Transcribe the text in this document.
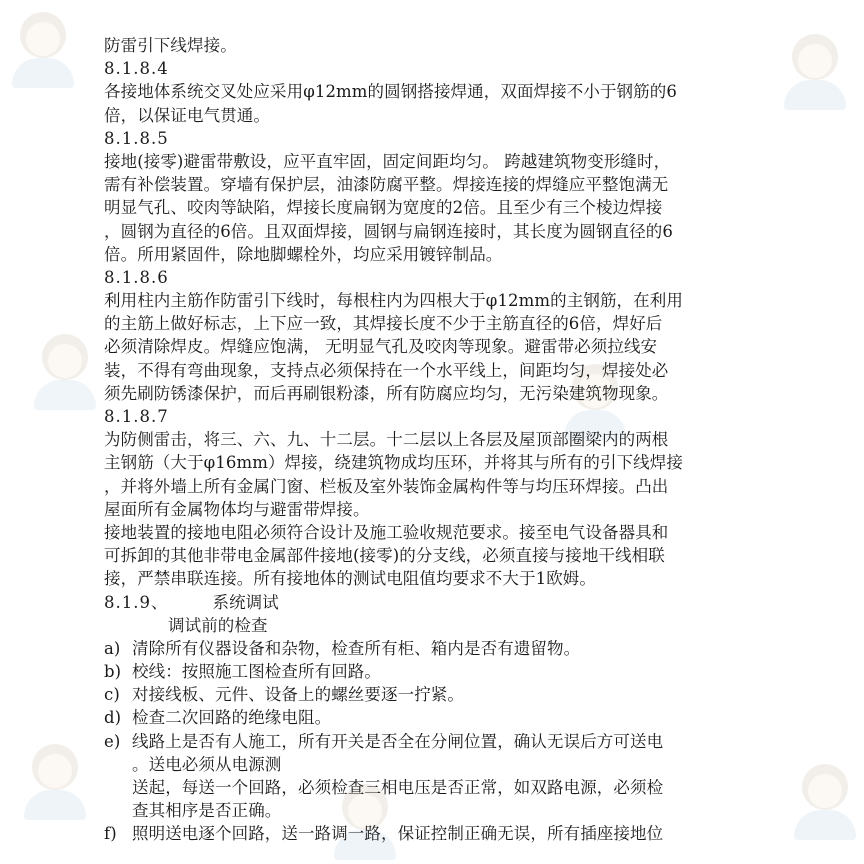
防雷引下线焊接。
8.1.8.4
各接地体系统交叉处应采用φ12mm的圆钢搭接焊通，双面焊接不小于钢筋的6
倍，以保证电气贯通。
8.1.8.5
接地(接零)避雷带敷设，应平直牢固，固定间距均匀。 跨越建筑物变形缝时，
需有补偿装置。穿墙有保护层，油漆防腐平整。焊接连接的焊缝应平整饱满无
明显气孔、咬肉等缺陷，焊接长度扁钢为宽度的2倍。且至少有三个棱边焊接
，圆钢为直径的6倍。且双面焊接，圆钢与扁钢连接时，其长度为圆钢直径的6
倍。所用紧固件，除地脚螺栓外，均应采用镀锌制品。
8.1.8.6
利用柱内主筋作防雷引下线时，每根柱内为四根大于φ12mm的主钢筋，在利用
的主筋上做好标志，上下应一致，其焊接长度不少于主筋直径的6倍，焊好后
必须清除焊皮。焊缝应饱满， 无明显气孔及咬肉等现象。避雷带必须拉线安
装，不得有弯曲现象，支持点必须保持在一个水平线上，间距均匀，焊接处必
须先刷防锈漆保护，而后再刷银粉漆，所有防腐应均匀，无污染建筑物现象。
8.1.8.7
为防侧雷击，将三、六、九、十二层。十二层以上各层及屋顶部圈梁内的两根
主钢筋（大于φ16mm）焊接，绕建筑物成均压环，并将其与所有的引下线焊接
，并将外墙上所有金属门窗、栏板及室外装饰金属构件等与均压环焊接。凸出
屋面所有金属物体均与避雷带焊接。
接地装置的接地电阻必须符合设计及施工验收规范要求。接至电气设备器具和
可拆卸的其他非带电金属部件接地(接零)的分支线，必须直接与接地干线相联
接，严禁串联连接。所有接地体的测试电阻值均要求不大于1欧姆。
8.1.9、	系统调试
调试前的检查
a) 清除所有仪器设备和杂物，检查所有柜、箱内是否有遗留物。
b) 校线：按照施工图检查所有回路。
c) 对接线板、元件、设备上的螺丝要逐一拧紧。
d) 检查二次回路的绝缘电阻。
e) 线路上是否有人施工，所有开关是否全在分闸位置，确认无误后方可送电
。送电必须从电源测
送起，每送一个回路，必须检查三相电压是否正常，如双路电源，必须检
查其相序是否正确。
f) 照明送电逐个回路，送一路调一路，保证控制正确无误，所有插座接地位
